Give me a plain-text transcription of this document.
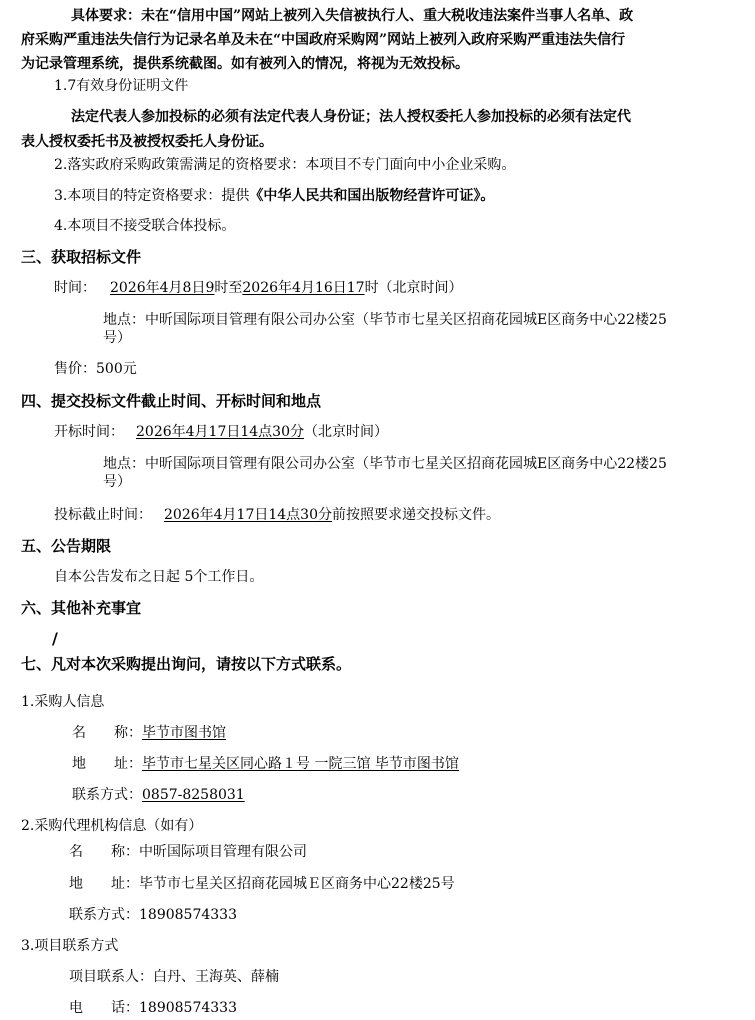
具体要求：未在“信用中国”网站上被列入失信被执行人、重大税收违法案件当事人名单、政
府采购严重违法失信行为记录名单及未在“中国政府采购网”网站上被列入政府采购严重违法失信行
为记录管理系统，提供系统截图。如有被列入的情况，将视为无效投标。
1.7有效身份证明文件
法定代表人参加投标的必须有法定代表人身份证；法人授权委托人参加投标的必须有法定代
表人授权委托书及被授权委托人身份证。
2.落实政府采购政策需满足的资格要求：本项目不专门面向中小企业采购。
3.本项目的特定资格要求：提供《中华人民共和国出版物经营许可证》。
4.本项目不接受联合体投标。
三、获取招标文件
时间： 2026年4月8日9时至2026年4月16日17时（北京时间）
地点：中昕国际项目管理有限公司办公室（毕节市七星关区招商花园城E区商务中心22楼25
号）
售价：500元
四、提交投标文件截止时间、开标时间和地点
开标时间： 2026年4月17日14点30分（北京时间）
地点：中昕国际项目管理有限公司办公室（毕节市七星关区招商花园城E区商务中心22楼25
号）
投标截止时间： 2026年4月17日14点30分前按照要求递交投标文件。
五、公告期限
自本公告发布之日起 5个工作日。
六、其他补充事宜
/
七、凡对本次采购提出询问，请按以下方式联系。
1.采购人信息
名　　称：毕节市图书馆
地　　址：毕节市七星关区同心路１号 一院三馆 毕节市图书馆
联系方式：0857-8258031
2.采购代理机构信息（如有）
名　　称：中昕国际项目管理有限公司
地　　址：毕节市七星关区招商花园城Ｅ区商务中心22楼25号
联系方式：18908574333
3.项目联系方式
项目联系人：白丹、王海英、薛楠
电　　话：18908574333
